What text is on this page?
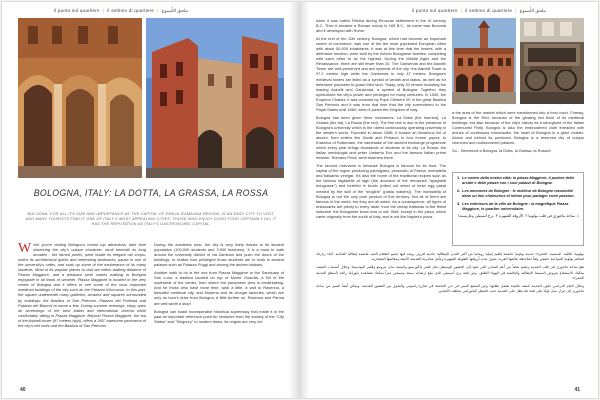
il punto sul quartiere | il settimo di quartiere | ملحق الأسبوع
BOLOGNA, ITALY: LA DOTTA, LA GRASSA, LA ROSSA
BOLOGNA, FOR ALL ITS SIZE AND IMPORTANCE AS THE CAPITAL OF EMILIA-ROMAGNA REGION, IS AN EASY CITY TO VISIT, AND MANY TOURISTS FIND IT ONE OF ITALY'S MOST APPEALING CITIES. THOSE WHO ENJOY GOOD FOOD CERTAINLY DO: IT HAS THE REPUTATION AS ITALY'S GASTRONOMIC CAPITAL.

While you're visiting Bologna's tourist top attractions, take time observing the city's unique character: stroll beneath its long arcades - the famed portici, peek inside its elegant old shops, notice its architectural quirks and interesting landmarks, pause in one of the university's cafés, and soak up some of the exuberance of its many students. Most of its popular places to visit are within walking distance of Piazza Maggiore, and a pleasant stroll makes walking in Bologna enjoyable in all kinds of weather. Piazza Maggiore is located in the very center of Bologna and it offers to see some of the most important medieval buildings of the city such as the Palazzo d'Accursio. In this part, the square underneath many galleries, arcades and squares surrounded by buildings: the Basilica of San Petronio, Palazzo dei Podestà and Palazzo del Bianchi to name a few. During summer evenings, enjoy open air screenings of the best Italian and international cinema while comfortably sitting in Piazza Maggiore. Beyond Piazza Maggiore, the top of the Asinelli tower (97 meters high), offers a 360° awesome panorama of the city's red roofs and the Basilica of San Petronio.

During the academic year, the city is very lively thanks to its student population (100,000 students and 3,000 teachers). It is a must to walk around the university district of via Zamboni and push the doors of the buildings: to realize how privileged those students are to work in ancient palaces such as Palazzo Poggi and among the ancient statues.

Another walk to do is the one from Piazza Maggiore to the Sanctuary of San Luca, a basilica located on top of Monte Guardia, a hill in the southwest of the center, from where the panoramic view is breathtaking. And for those who have more time, walk a little, a visit to Ravenna, a beautiful medieval city, and Modena and its vinegar factories, which are only an hour's drive from Bologna. A little further on, Ravenna and Parma are well worth a stop!

Bologna can boast incomparable historical supremacy that made it in the past an important reference point for centuries from the society of the "City States" and "Seignory" to modern times. Its origins are very old

40
il punto sul quartiere | il settimo di quartiere | ملحق الأسبوع

when it was called Felsina during Etruscan settlement in the VI century B.C. Then it became a Roman colony in 189 B.C., its name was Bononia and it developed with Rome.

At the end of the 11th century, Bologna, which had become an important centre of commerce, was one of the ten most populated European cities with about 50,000 inhabitants. It was at this time that the towers, with a defensive function, were built by the richest Bolognese families, competing with each other to be the highest. During the Middle Ages and the Renaissance, there are still fewer than 20. The Garisenda and the Asinelli Tower are well-preserved and are symbols of the city: the Asinelli Tower is 97.2 meters high while the Garisenda is only 47 meters. Bologna's medieval towers are listed as a symbol of wealth and status, as well as for defensive purposes to guard their land. Today, only 20 remain including the leaning Asinelli and Garisenda, a symbol of Bologna. Together they symbolized the city's power and privileges for many centuries. In 1530, the Emperor Charles V was crowned by Pope Clement VII in the great Basilica San Petronio and it was from that time that the city surrendered to the Papal States until 1860, when it joined the Kingdom of Italy.

Bologna has been given three nicknames: La Dotta (the learned), La Grassa (the fat), La Rossa (the red). The first one is due to the presence of Bologna's university which is the oldest continuously operating university in the western world. Founded in about 1088, it boasts an illustrious list of alumni, from writers like Dante and Petrarch to four former popes, to Erasmus of Rotterdam, the namesake of the student exchange programme which every year brings thousands of students to its city. La Rossa: the Italian semiologist and writer Umberto Eco and the famous Italian prime minister, Romano Prodi, were teachers there.

The second nickname is because Bologna is famous for its food. The capital of the region producing parmigiano, prosciutto di Parma, mortadella and balsamic vinegar. It's also the home of the traditional recipes such as the famous tagliatelle al ragù (the ancestor of the renowned "spaghetti bolognese") and tortellini in brodo (rolled out sheet of fresh egg pasta created by the skill of the "sfogline" (pasta makers)). The mortadella of Bologna is not the only pork product of this territory. Not all of them are famous in the world, but they are all eaten. As a consequence, all types of restaurants are plenty to every taste: from the cheap trattorias to the finest ristoranti, the Bolognese know how to eat. Well, except in the pizza, which came originally from the south of Italy, and is not like Naples's pizza.

a the area of the market which were transformed into a food court. Foresty, Bologna is the Red, because of the glowing red brick of its medieval buildings, but also because of the city's history as a stronghold of the Italian Communist Party. Bologna is also the embroidered cloth threaded with arches of continuous colonnades, the heart of Bologna is a giant cloister. Above and behind its porticoes, Bologna is a reserved city of unique churches and undiscovered palaces.

So... Benvenuti a Bologna, la Dotta, la Grassa, la Rossa!!

1. Le ombre della nostra città: la piazza Maggiore, il pudore delle arcate e delle piazze con i suoi palazzi di Bologna.
2. Les annonces de Bologne : le meilleur de Bologne rassemblé dans un lieu chaleureux et intime pour partager votre passion.
3. Les extérieurs de la ville de Bologne : la magnifique Piazza Maggiore, le quartier universitaire.
١. ساحة ماجوري في قلب بولونيا ٢. الأروقة الشهيرة ٣. برج أسينيلي وغاريسندا

بولونيا، الكلية، السمينة، الحمراء: مدينة بولونيا عاصمة إقليم إميليا رومانيا من أكثر المدن الإيطالية جاذبية للزوار، ويجد فيها محبو الطعام الجيد عاصمة إيطاليا الغذائية. أثناء زيارتك لمعالم بولونيا السياحية خصص وقتاً لملاحظة طابعها الفريد: تجول تحت أروقتها الطويلة الشهيرة وتأمل متاجرها القديمة الأنيقة ومعالمها المعمارية.

تقع ساحة ماجوري في قلب المدينة وتضم بعضاً من أهم المباني التي تعود إلى العصور الوسطى مثل قصر داكورسيو وكنيسة سان بترونيو وقصر البوديستا. وخلال أمسيات الصيف يمكنك الاستمتاع بعروض السينما الإيطالية والعالمية في الهواء الطلق. ومن قمة برج أسينيلي الذي يبلغ ارتفاعه سبعة وتسعين متراً يمكنك مشاهدة بانوراما رائعة لأسطح المدينة الحمراء.

وخلال العام الدراسي تكون المدينة نابضة بالحياة بفضل طلابها. ومن الممتع السير في حي الجامعة في شارع زامبوني والتجول بين القصور القديمة. ويمكن أيضاً السير من ساحة ماجوري إلى مزار سان لوكا على قمة تلة تطل على المدينة حيث المنظر البانورامي يخطف الأنفاس.

41
